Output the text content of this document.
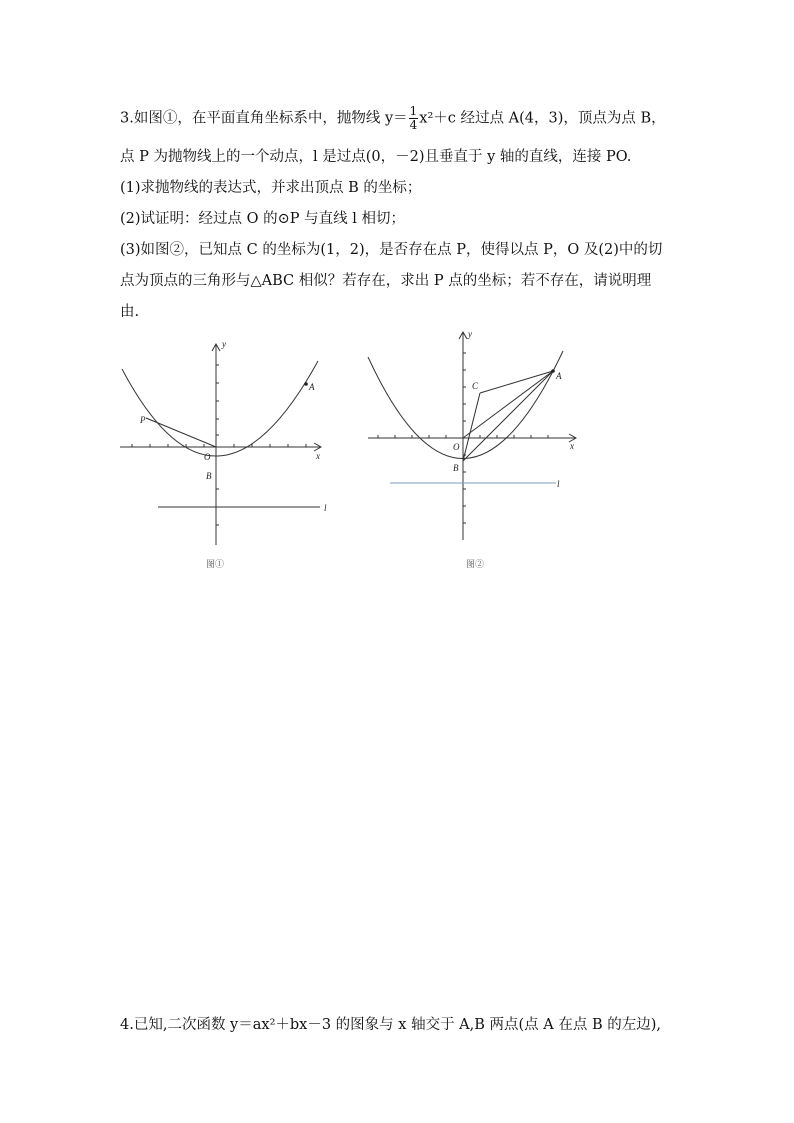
3.如图①，在平面直角坐标系中，抛物线 $y= \frac{1}{4} x^2+c$ 经过点 A(4，3)，顶点为点 B，
点 P 为抛物线上的一个动点，l 是过点(0，－2)且垂直于 y 轴的直线，连接 PO.
(1)求抛物线的表达式，并求出顶点 B 的坐标；
(2)试证明：经过点 O 的⊙P 与直线 l 相切；
(3)如图②，已知点 C 的坐标为(1，2)，是否存在点 P，使得以点 P，O 及(2)中的切
点为顶点的三角形与△ABC 相似？若存在，求出 P 点的坐标；若不存在，请说明理
由.
y
x
O
A
B
P
l
图①
y
x
O
A
B
C
l
图②
4.已知,二次函数 y＝ax²＋bx－3 的图象与 x 轴交于 A,B 两点(点 A 在点 B 的左边),
